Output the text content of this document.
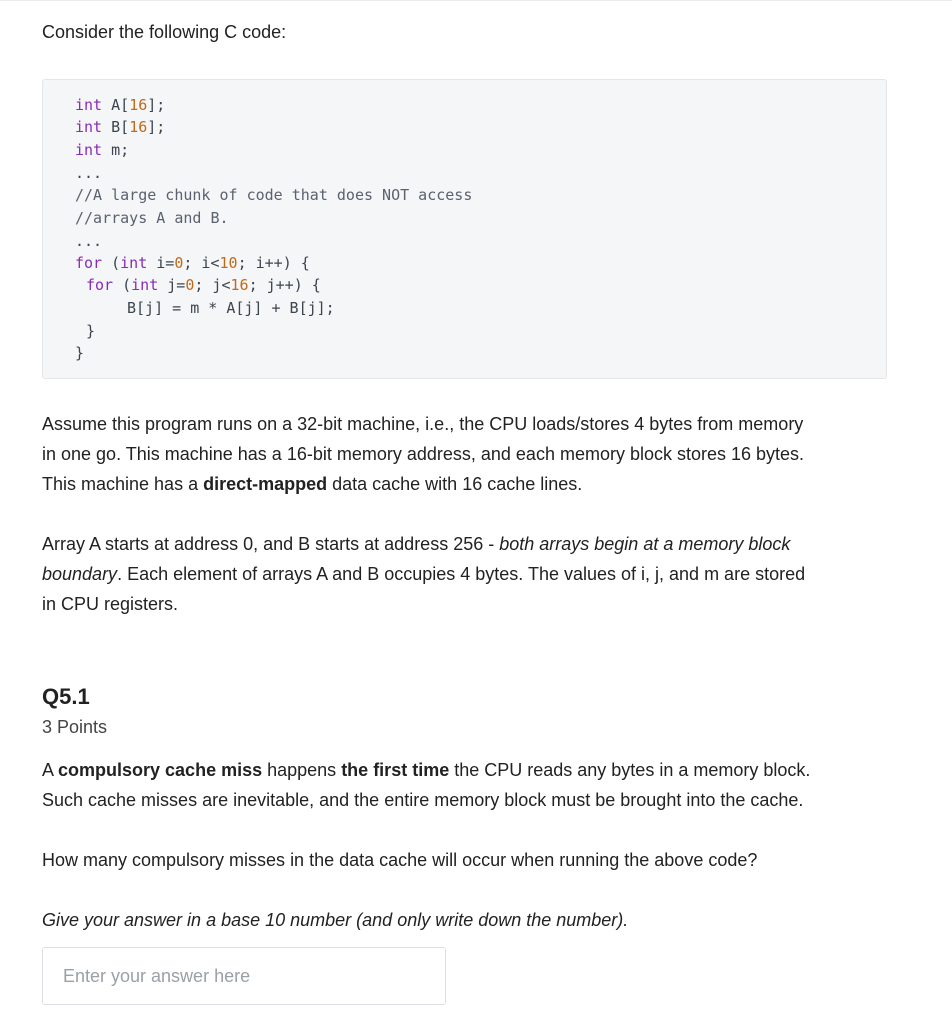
Consider the following C code:
int A[16];
int B[16];
int m;
...
//A large chunk of code that does NOT access
//arrays A and B.
...
for (int i=0; i<10; i++) {
for (int j=0; j<16; j++) {
B[j] = m * A[j] + B[j];
}
}
Assume this program runs on a 32-bit machine, i.e., the CPU loads/stores 4 bytes from memory
in one go. This machine has a 16-bit memory address, and each memory block stores 16 bytes.
This machine has a direct-mapped data cache with 16 cache lines.
Array A starts at address 0, and B starts at address 256 - both arrays begin at a memory block
boundary. Each element of arrays A and B occupies 4 bytes. The values of i, j, and m are stored
in CPU registers.
Q5.1
3 Points
A compulsory cache miss happens the first time the CPU reads any bytes in a memory block.
Such cache misses are inevitable, and the entire memory block must be brought into the cache.
How many compulsory misses in the data cache will occur when running the above code?
Give your answer in a base 10 number (and only write down the number).
Enter your answer here
